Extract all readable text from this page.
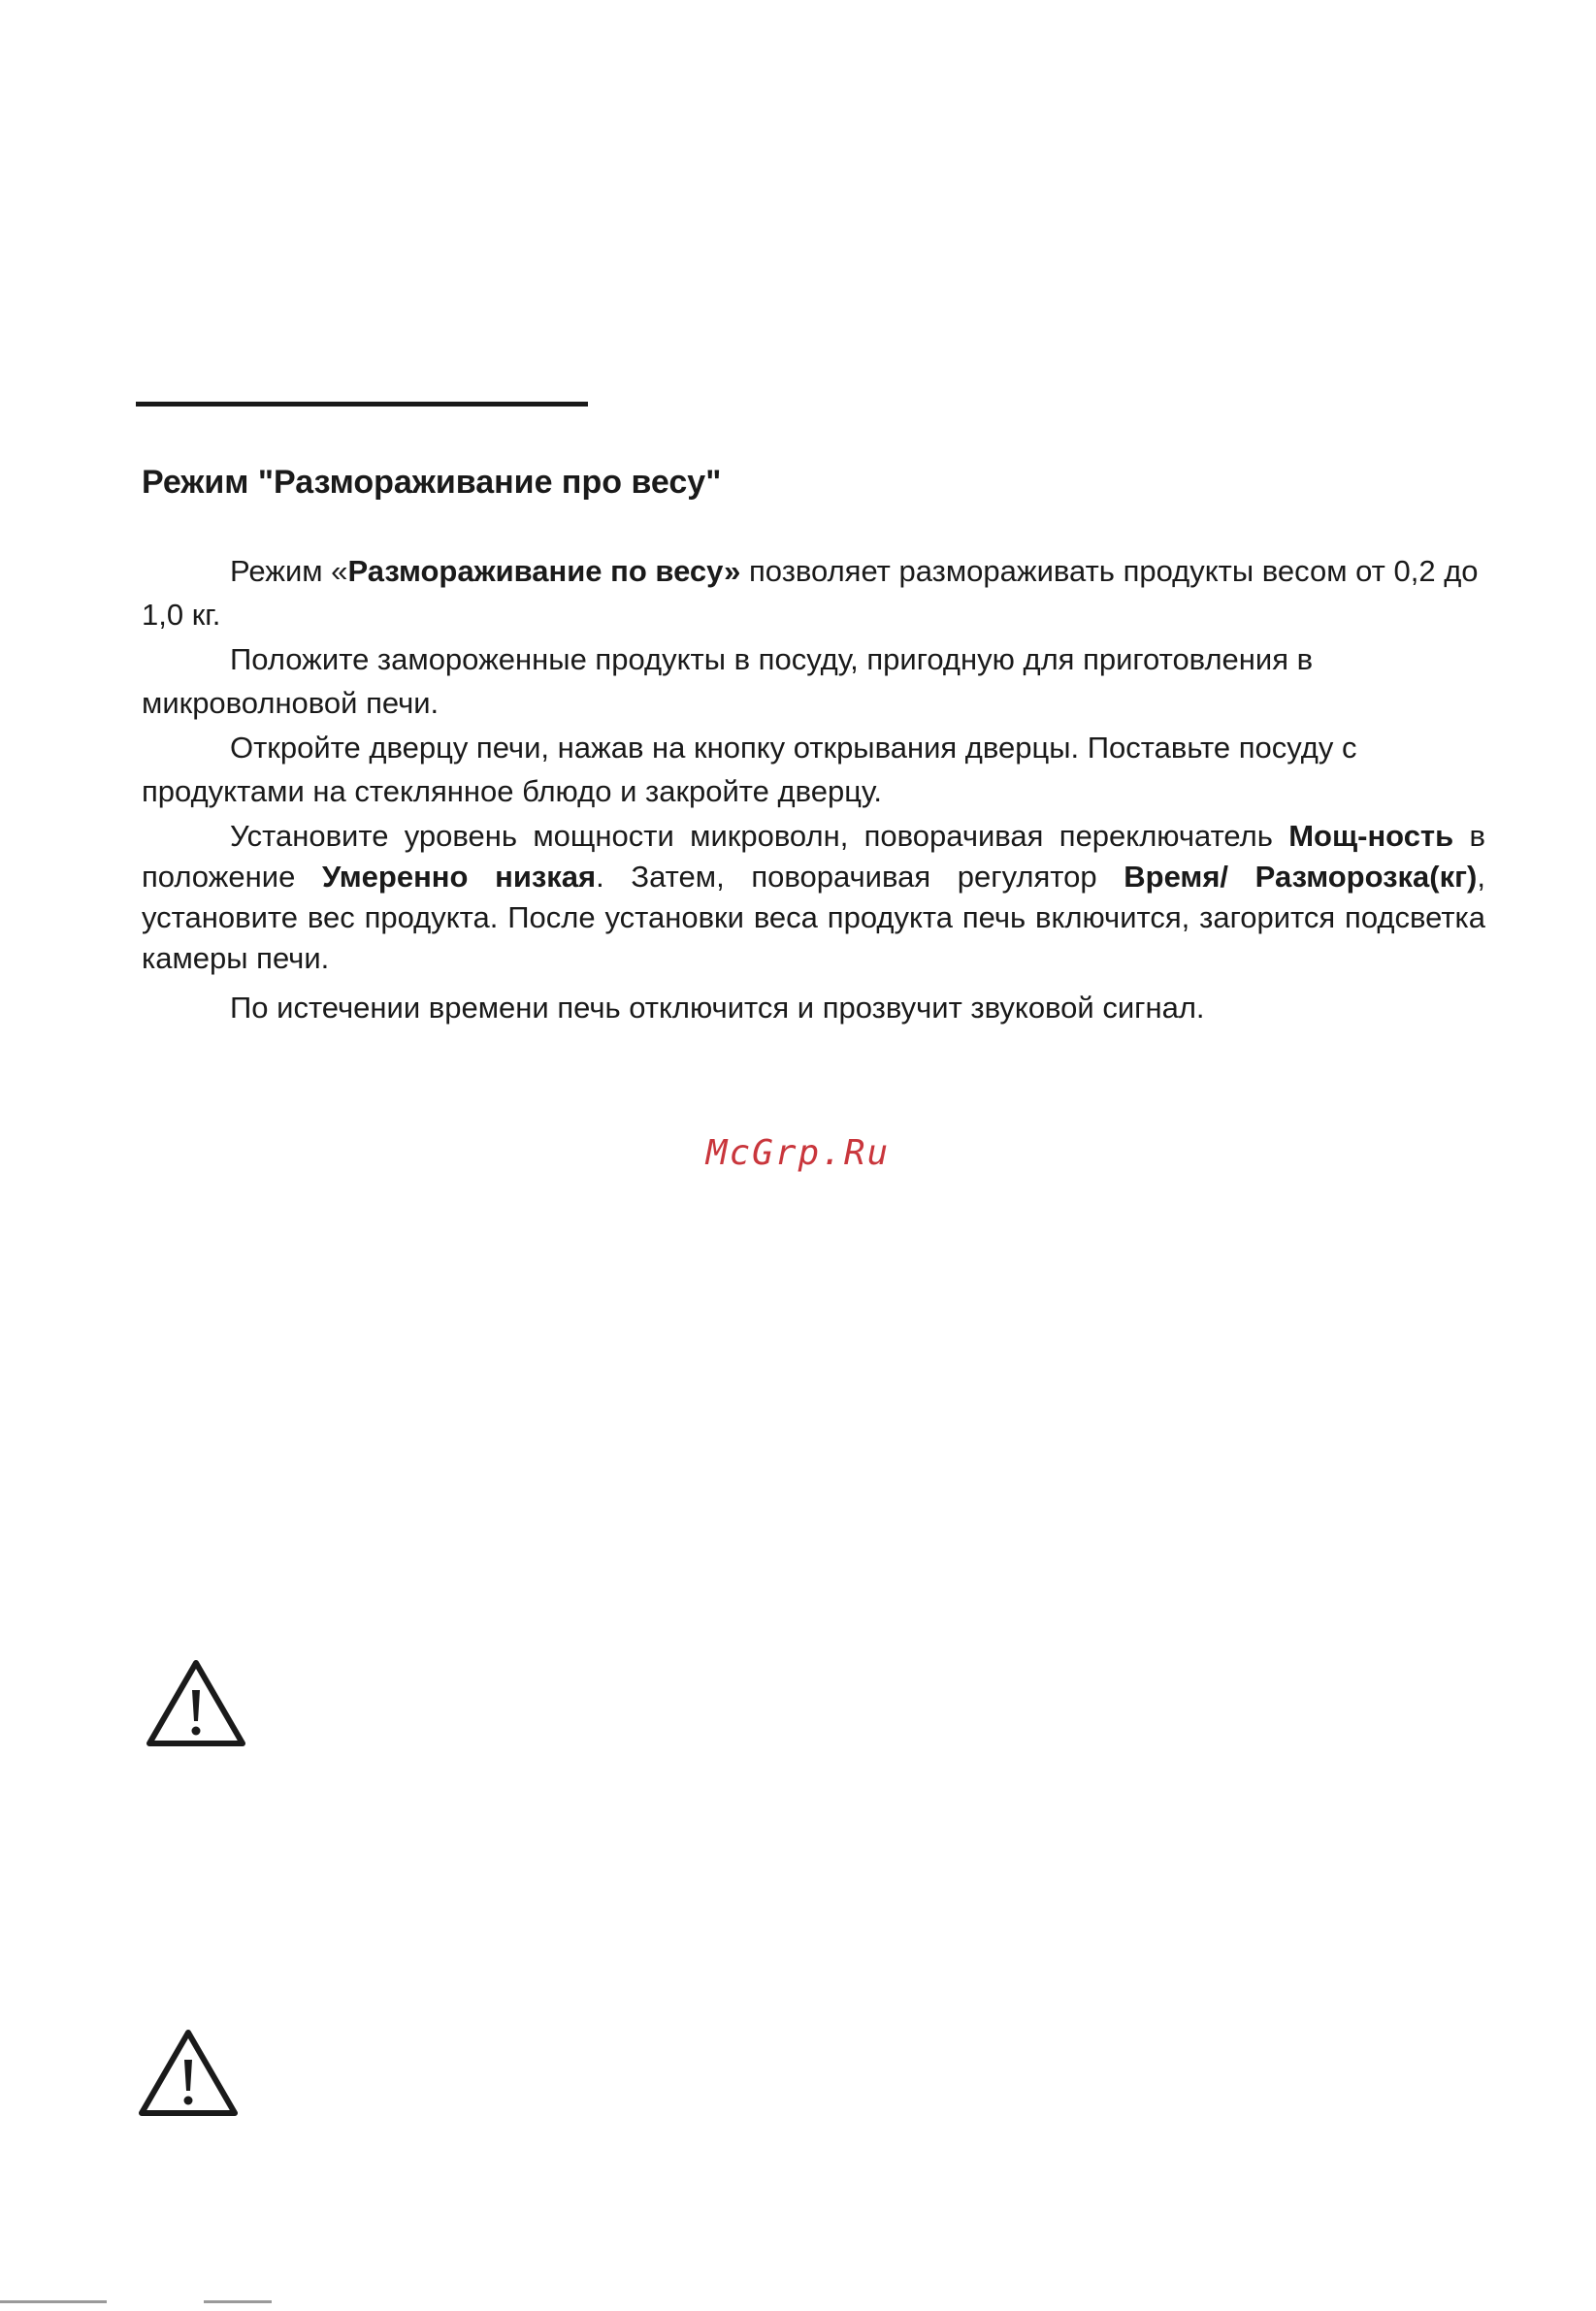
Режим "Размораживание про весу"

Режим «Размораживание по весу» позволяет размораживать продукты весом от 0,2 до 1,0 кг.

Положите замороженные продукты в посуду, пригодную для приготовления в микроволновой печи.

Откройте дверцу печи, нажав на кнопку открывания дверцы. Поставьте посуду с продуктами на стеклянное блюдо и закройте дверцу.

Установите уровень мощности микроволн, поворачивая переключатель Мощ-ность в положение Умеренно низкая. Затем, поворачивая регулятор Время/ Разморозка(кг), установите вес продукта. После установки веса продукта печь включится, загорится подсветка камеры печи.

По истечении времени печь отключится и прозвучит звуковой сигнал.

McGrp.Ru
